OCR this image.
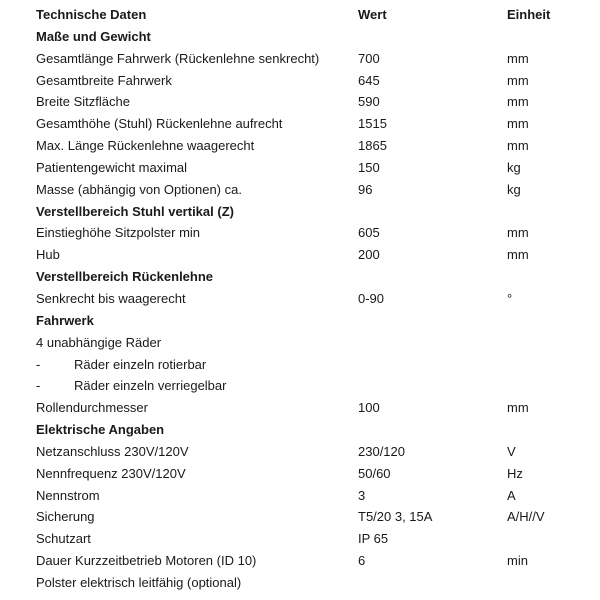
Technische Daten	Wert	Einheit
Maße und Gewicht
Gesamtlänge Fahrwerk (Rückenlehne senkrecht)	700	mm
Gesamtbreite Fahrwerk	645	mm
Breite Sitzfläche	590	mm
Gesamthöhe (Stuhl) Rückenlehne aufrecht	1515	mm
Max. Länge Rückenlehne waagerecht	1865	mm
Patientengewicht maximal	150	kg
Masse (abhängig von Optionen) ca.	96	kg
Verstellbereich Stuhl vertikal (Z)
Einstieghöhe Sitzpolster min	605	mm
Hub	200	mm
Verstellbereich Rückenlehne
Senkrecht bis waagerecht	0-90	°
Fahrwerk
4 unabhängige Räder
-	Räder einzeln rotierbar
-	Räder einzeln verriegelbar
Rollendurchmesser	100	mm
Elektrische Angaben
Netzanschluss 230V/120V	230/120	V
Nennfrequenz 230V/120V	50/60	Hz
Nennstrom	3	A
Sicherung	T5/20 3, 15A	A/H//V
Schutzart	IP 65
Dauer Kurzzeitbetrieb Motoren (ID 10)	6	min
Polster elektrisch leitfähig (optional)
